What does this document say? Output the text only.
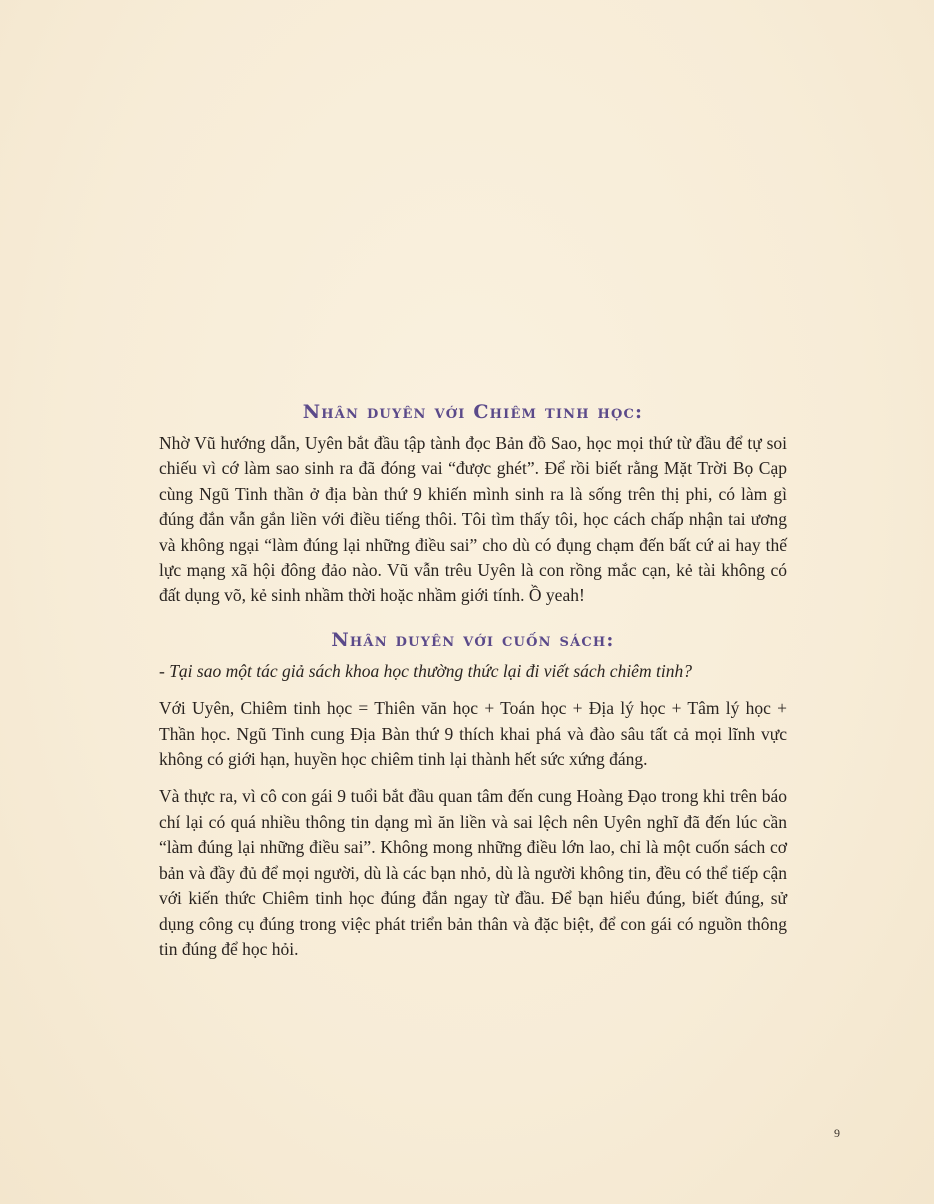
Nhân duyên với Chiêm tinh học:

Nhờ Vũ hướng dẫn, Uyên bắt đầu tập tành đọc Bản đồ Sao, học mọi thứ từ đầu để tự soi chiếu vì cớ làm sao sinh ra đã đóng vai “được ghét”. Để rồi biết rằng Mặt Trời Bọ Cạp cùng Ngũ Tinh thần ở địa bàn thứ 9 khiến mình sinh ra là sống trên thị phi, có làm gì đúng đắn vẫn gắn liền với điều tiếng thôi. Tôi tìm thấy tôi, học cách chấp nhận tai ương và không ngại “làm đúng lại những điều sai” cho dù có đụng chạm đến bất cứ ai hay thế lực mạng xã hội đông đảo nào. Vũ vẫn trêu Uyên là con rồng mắc cạn, kẻ tài không có đất dụng võ, kẻ sinh nhầm thời hoặc nhầm giới tính. Ồ yeah!

Nhân duyên với cuốn sách:

- Tại sao một tác giả sách khoa học thường thức lại đi viết sách chiêm tinh?

Với Uyên, Chiêm tinh học = Thiên văn học + Toán học + Địa lý học + Tâm lý học + Thần học. Ngũ Tinh cung Địa Bàn thứ 9 thích khai phá và đào sâu tất cả mọi lĩnh vực không có giới hạn, huyền học chiêm tinh lại thành hết sức xứng đáng.

Và thực ra, vì cô con gái 9 tuổi bắt đầu quan tâm đến cung Hoàng Đạo trong khi trên báo chí lại có quá nhiều thông tin dạng mì ăn liền và sai lệch nên Uyên nghĩ đã đến lúc cần “làm đúng lại những điều sai”. Không mong những điều lớn lao, chỉ là một cuốn sách cơ bản và đầy đủ để mọi người, dù là các bạn nhỏ, dù là người không tin, đều có thể tiếp cận với kiến thức Chiêm tinh học đúng đắn ngay từ đầu. Để bạn hiểu đúng, biết đúng, sử dụng công cụ đúng trong việc phát triển bản thân và đặc biệt, để con gái có nguồn thông tin đúng để học hỏi.

9
